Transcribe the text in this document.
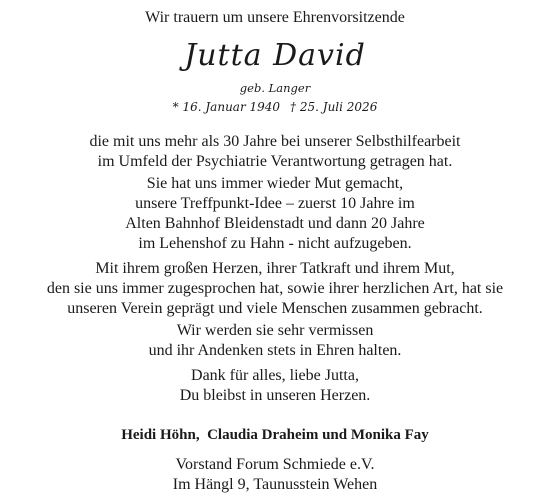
Wir trauern um unsere Ehrenvorsitzende
Jutta David
geb. Langer
* 16. Januar 1940 † 25. Juli 2026
die mit uns mehr als 30 Jahre bei unserer Selbsthilfearbeit
im Umfeld der Psychiatrie Verantwortung getragen hat.
Sie hat uns immer wieder Mut gemacht,
unsere Treffpunkt-Idee – zuerst 10 Jahre im
Alten Bahnhof Bleidenstadt und dann 20 Jahre
im Lehenshof zu Hahn - nicht aufzugeben.
Mit ihrem großen Herzen, ihrer Tatkraft und ihrem Mut,
den sie uns immer zugesprochen hat, sowie ihrer herzlichen Art, hat sie
unseren Verein geprägt und viele Menschen zusammen gebracht.
Wir werden sie sehr vermissen
und ihr Andenken stets in Ehren halten.
Dank für alles, liebe Jutta,
Du bleibst in unseren Herzen.
Heidi Höhn,  Claudia Draheim und Monika Fay
Vorstand Forum Schmiede e.V.
Im Hängl 9, Taunusstein Wehen
